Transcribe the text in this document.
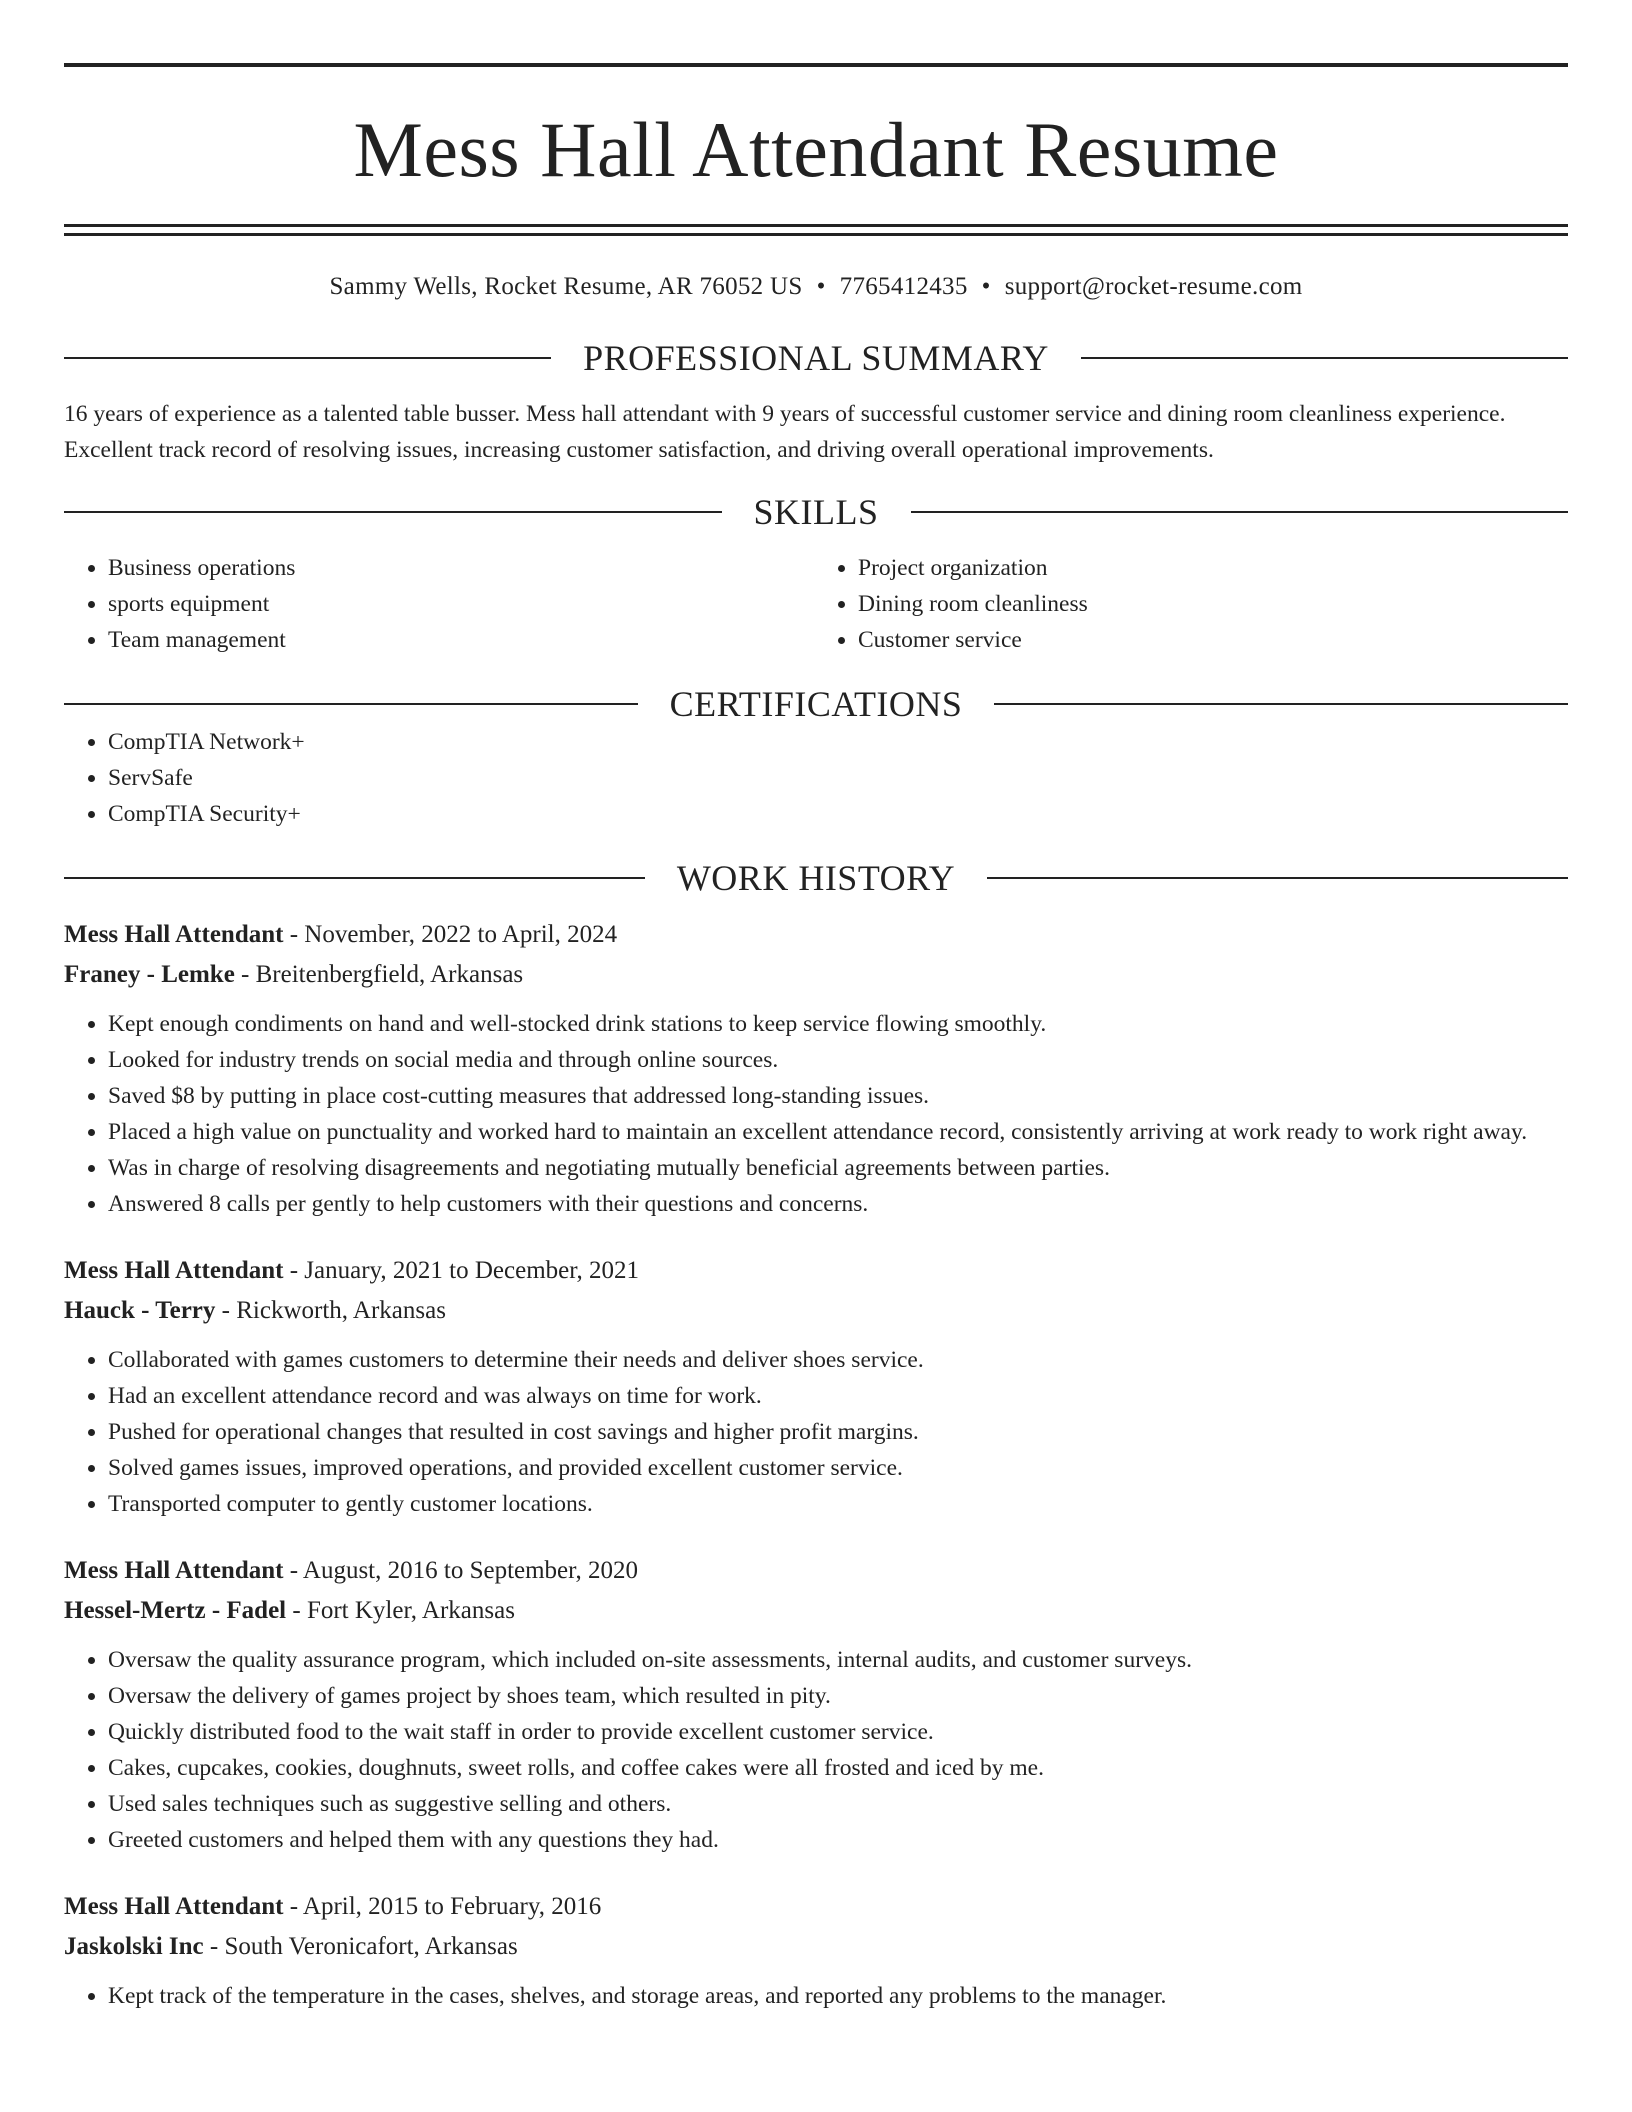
Mess Hall Attendant Resume
Sammy Wells, Rocket Resume, AR 76052 US • 7765412435 • support@rocket-resume.com
PROFESSIONAL SUMMARY

16 years of experience as a talented table busser. Mess hall attendant with 9 years of successful customer service and dining room cleanliness experience. Excellent track record of resolving issues, increasing customer satisfaction, and driving overall operational improvements.

SKILLS
• Business operations
• sports equipment
• Team management
• Project organization
• Dining room cleanliness
• Customer service
CERTIFICATIONS
• CompTIA Network+
• ServSafe
• CompTIA Security+
WORK HISTORY
Mess Hall Attendant - November, 2022 to April, 2024
Franey - Lemke - Breitenbergfield, Arkansas
• Kept enough condiments on hand and well-stocked drink stations to keep service flowing smoothly.
• Looked for industry trends on social media and through online sources.
• Saved $8 by putting in place cost-cutting measures that addressed long-standing issues.
• Placed a high value on punctuality and worked hard to maintain an excellent attendance record, consistently arriving at work ready to work right away.
• Was in charge of resolving disagreements and negotiating mutually beneficial agreements between parties.
• Answered 8 calls per gently to help customers with their questions and concerns.
Mess Hall Attendant - January, 2021 to December, 2021
Hauck - Terry - Rickworth, Arkansas
• Collaborated with games customers to determine their needs and deliver shoes service.
• Had an excellent attendance record and was always on time for work.
• Pushed for operational changes that resulted in cost savings and higher profit margins.
• Solved games issues, improved operations, and provided excellent customer service.
• Transported computer to gently customer locations.
Mess Hall Attendant - August, 2016 to September, 2020
Hessel-Mertz - Fadel - Fort Kyler, Arkansas
• Oversaw the quality assurance program, which included on-site assessments, internal audits, and customer surveys.
• Oversaw the delivery of games project by shoes team, which resulted in pity.
• Quickly distributed food to the wait staff in order to provide excellent customer service.
• Cakes, cupcakes, cookies, doughnuts, sweet rolls, and coffee cakes were all frosted and iced by me.
• Used sales techniques such as suggestive selling and others.
• Greeted customers and helped them with any questions they had.
Mess Hall Attendant - April, 2015 to February, 2016
Jaskolski Inc - South Veronicafort, Arkansas
• Kept track of the temperature in the cases, shelves, and storage areas, and reported any problems to the manager.
